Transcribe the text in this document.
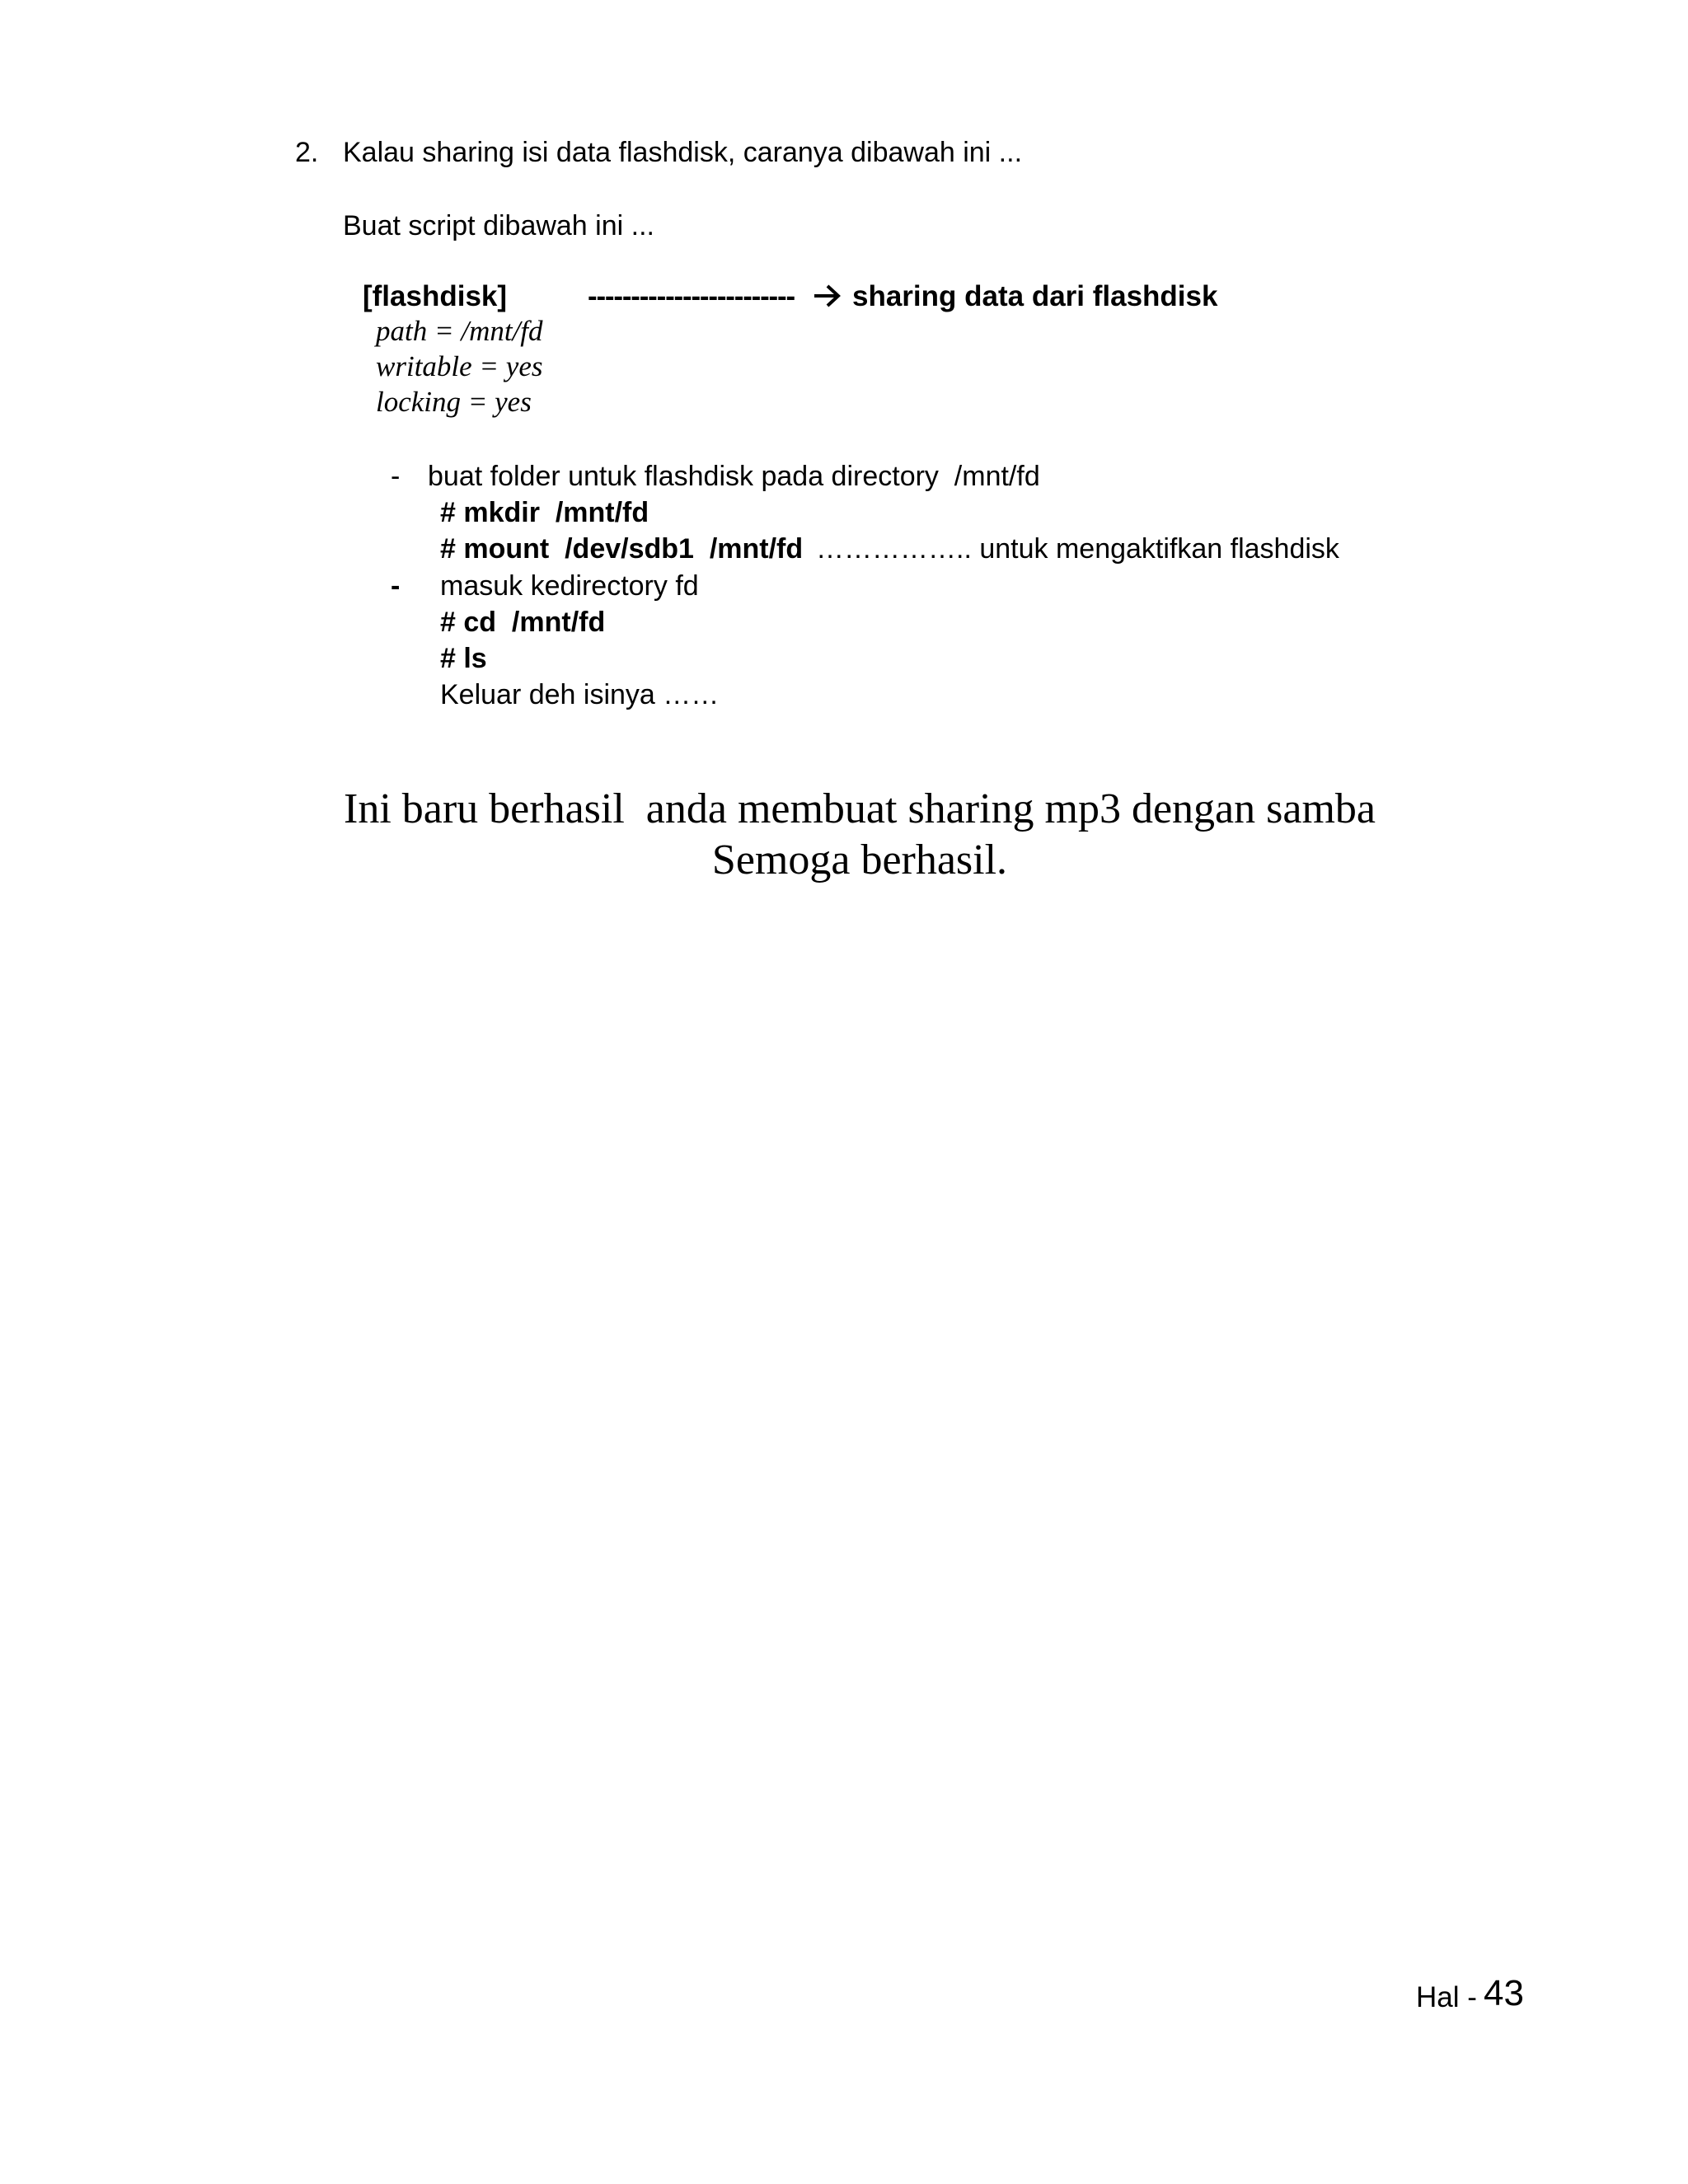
2. Kalau sharing isi data flashdisk, caranya dibawah ini ...
Buat script dibawah ini ...
[flashdisk]	------------------------ sharing data dari flashdisk
path = /mnt/fd
writable = yes
locking = yes
- buat folder untuk flashdisk pada directory  /mnt/fd
# mkdir  /mnt/fd
# mount  /dev/sdb1  /mnt/fd …………….. untuk mengaktifkan flashdisk
- masuk kedirectory fd
# cd  /mnt/fd
# ls
Keluar deh isinya ……
Ini baru berhasil  anda membuat sharing mp3 dengan samba
Semoga berhasil.
Hal -
43
